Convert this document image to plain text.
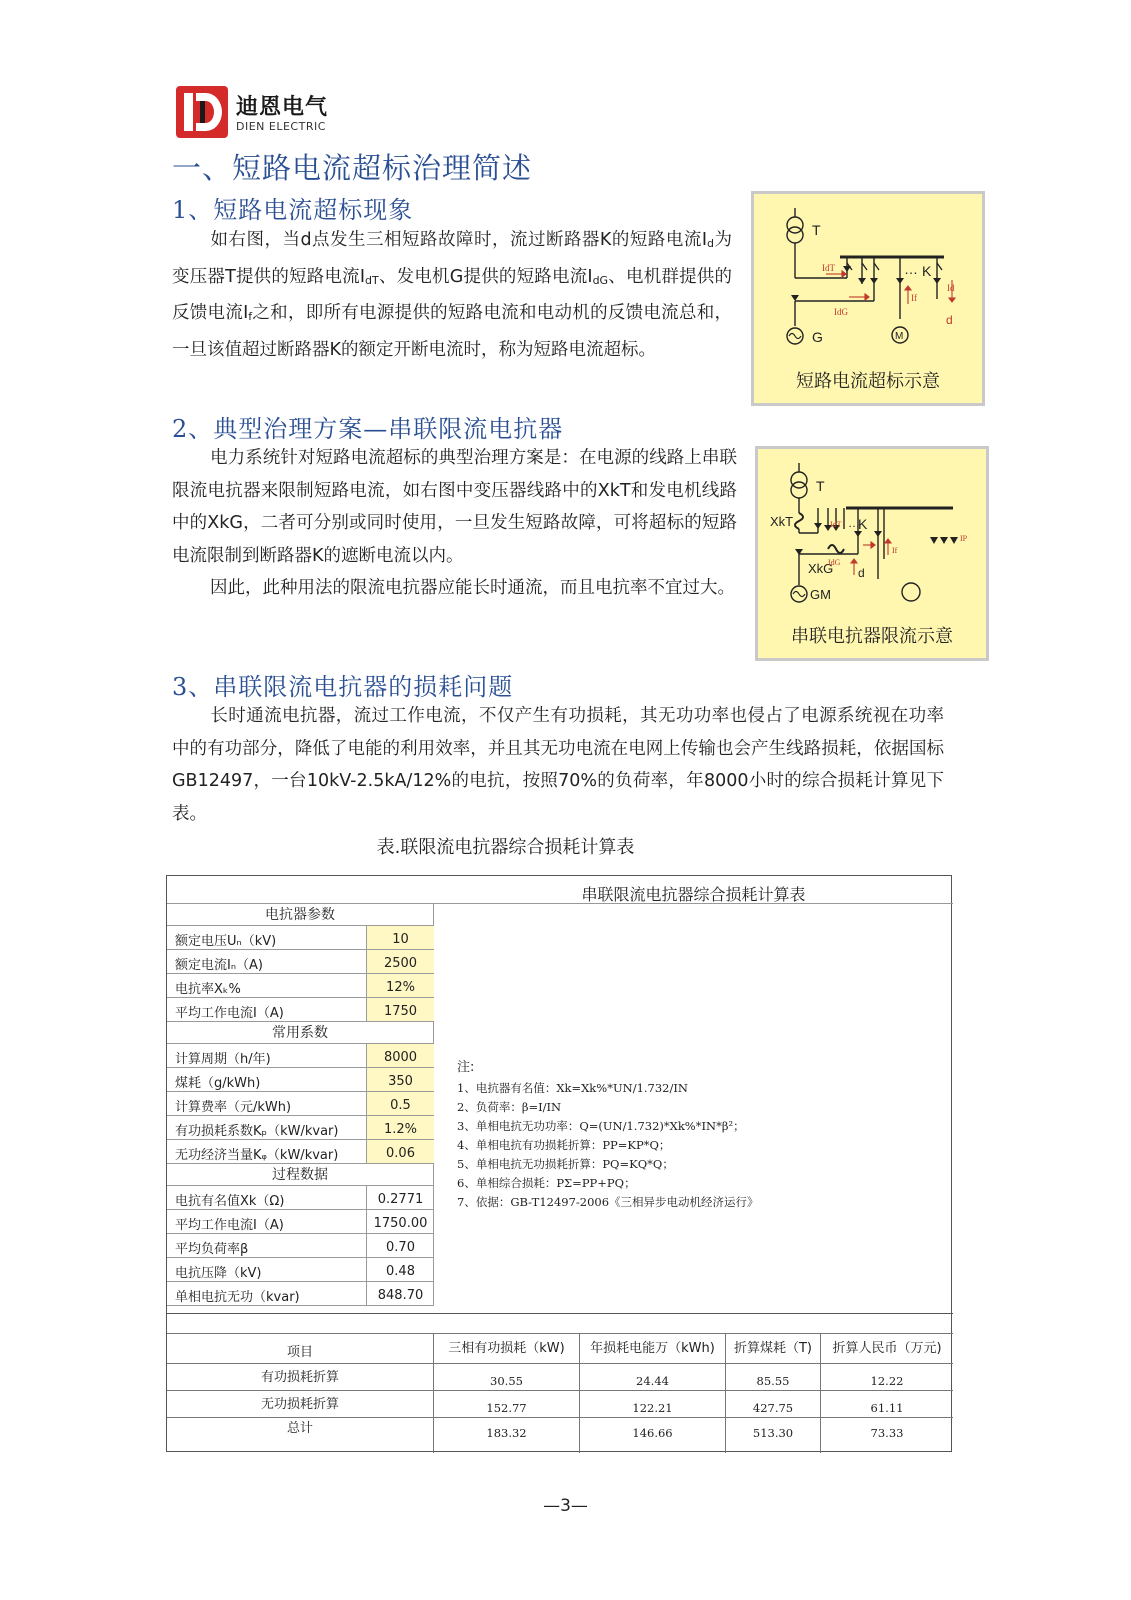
迪恩电气
DIEN ELECTRIC
一、短路电流超标治理简述
1、短路电流超标现象
如右图，当d点发生三相短路故障时，流过断路器K的短路电流Id为变压器T提供的短路电流IdT、发电机G提供的短路电流IdG、电机群提供的反馈电流If之和，即所有电源提供的短路电流和电动机的反馈电流总和，一旦该值超过断路器K的额定开断电流时，称为短路电流超标。
T
K
…
G	M
d
IdT
IdG
Id
If
短路电流超标示意
2、典型治理方案—串联限流电抗器
电力系统针对短路电流超标的典型治理方案是：在电源的线路上串联限流电抗器来限制短路电流，如右图中变压器线路中的XkT和发电机线路中的XkG，二者可分别或同时使用，一旦发生短路故障，可将超标的短路电流限制到断路器K的遮断电流以内。
因此，此种用法的限流电抗器应能长时通流，而且电抗率不宜过大。
T
XkT
XkG
GM
K
…
d
IdT
IdG
If
IP
串联电抗器限流示意
3、串联限流电抗器的损耗问题
长时通流电抗器，流过工作电流，不仅产生有功损耗，其无功功率也侵占了电源系统视在功率中的有功部分，降低了电能的利用效率，并且其无功电流在电网上传输也会产生线路损耗，依据国标GB12497，一台10kV-2.5kA/12%的电抗，按照70%的负荷率，年8000小时的综合损耗计算见下表。
表.联限流电抗器综合损耗计算表
串联限流电抗器综合损耗计算表
电抗器参数
额定电压Uₙ（kV)	10
额定电流Iₙ（A)	2500
电抗率Xₖ%	12%
平均工作电流I（A)	1750
常用系数
计算周期（h/年)	8000
煤耗（g/kWh)	350
计算费率（元/kWh)	0.5
有功损耗系数Kₚ（kW/kvar)	1.2%
无功经济当量Kᵩ（kW/kvar)	0.06
过程数据
电抗有名值Xk（Ω)	0.2771
平均工作电流I（A)	1750.00
平均负荷率β	0.70
电抗压降（kV)	0.48
单相电抗无功（kvar)	848.70
注:
1、电抗器有名值：Xk=Xk%*UN/1.732/IN
2、负荷率：β=I/IN
3、单相电抗无功功率：Q=(UN/1.732)*Xk%*IN*β²；
4、单相电抗有功损耗折算：PP=KP*Q；
5、单相电抗无功损耗折算：PQ=KQ*Q；
6、单相综合损耗：PΣ=PP+PQ；
7、依据：GB-T12497-2006《三相异步电动机经济运行》
项目	三相有功损耗（kW)	年损耗电能万（kWh)	折算煤耗（T)	折算人民币（万元)
有功损耗折算	30.55	24.44	85.55	12.22
无功损耗折算	152.77	122.21	427.75	61.11
总计	183.32	146.66	513.30	73.33
—3—
